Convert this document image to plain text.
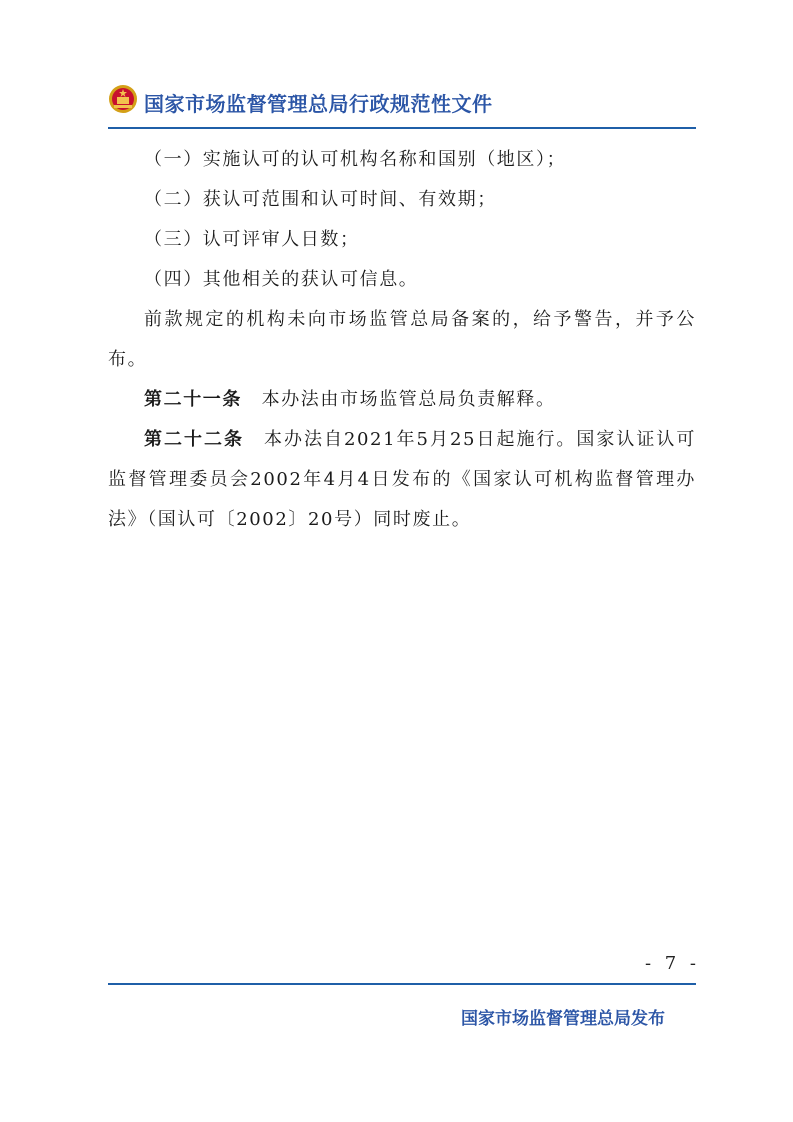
国家市场监督管理总局行政规范性文件

（一）实施认可的认可机构名称和国别（地区）；

（二）获认可范围和认可时间、有效期；

（三）认可评审人日数；

（四）其他相关的获认可信息。

前款规定的机构未向市场监管总局备案的，给予警告，并予公布。

第二十一条　 本办法由市场监管总局负责解释。

第二十二条　 本办法自2021年5月25日起施行。国家认证认可监督管理委员会2002年4月4日发布的《国家认可机构监督管理办法》（国认可〔2002〕20号）同时废止。

- 7 -
国家市场监督管理总局发布
